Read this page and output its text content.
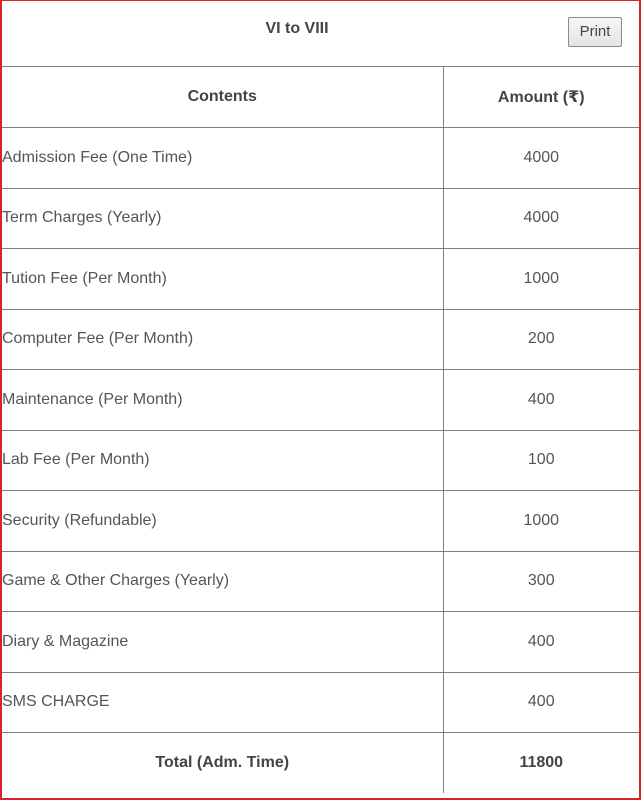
VI to VIII	Print
Contents	Amount (₹)
Admission Fee (One Time)	4000
Term Charges (Yearly)	4000
Tution Fee (Per Month)	1000
Computer Fee (Per Month)	200
Maintenance (Per Month)	400
Lab Fee (Per Month)	100
Security (Refundable)	1000
Game & Other Charges (Yearly)	300
Diary & Magazine	400
SMS CHARGE	400
Total (Adm. Time)	11800
